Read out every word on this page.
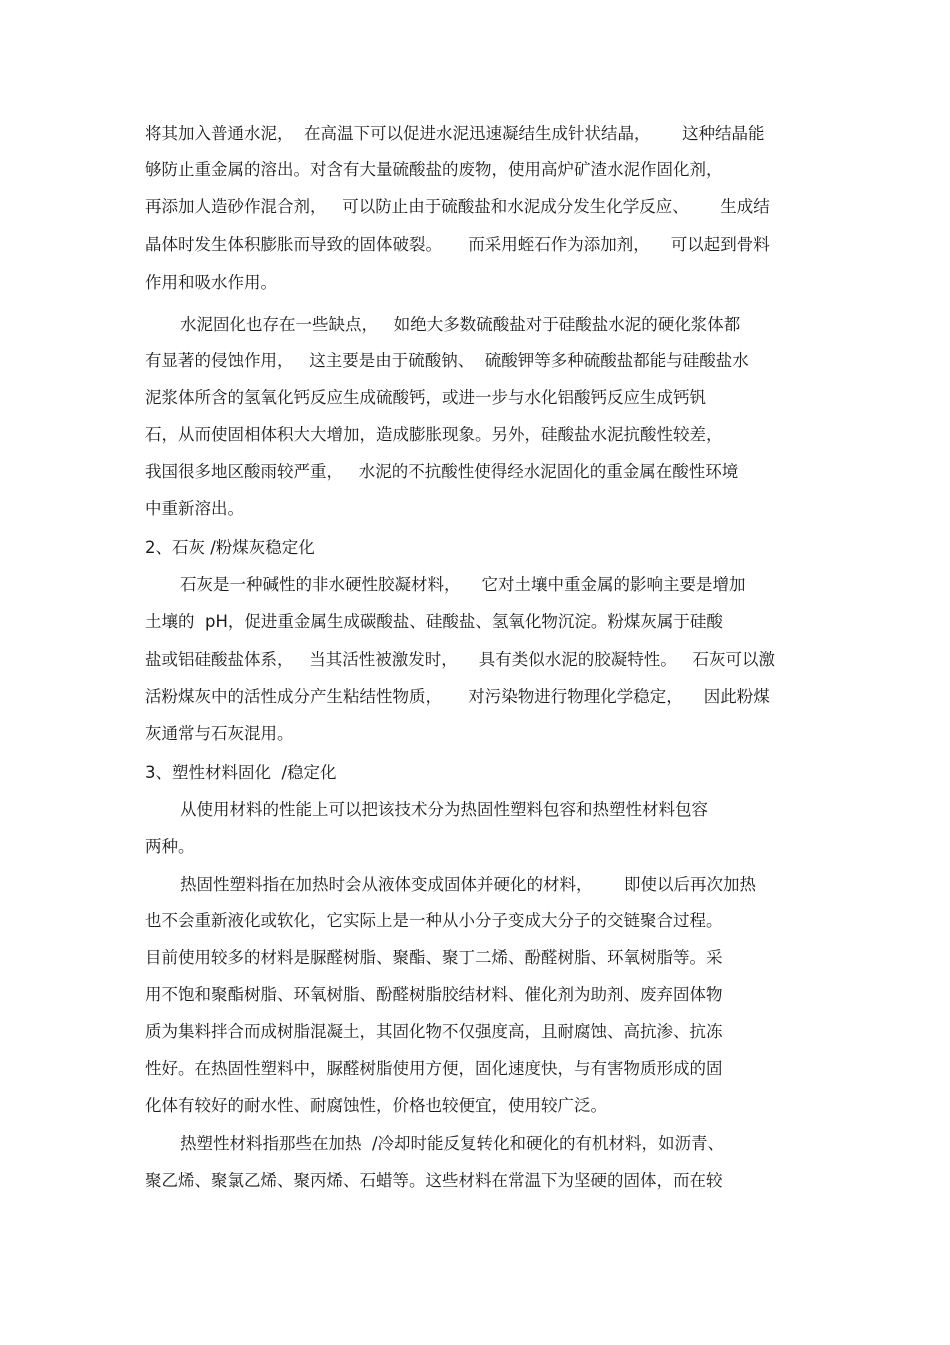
将其加入普通水泥，  在高温下可以促进水泥迅速凝结生成针状结晶，      这种结晶能
够防止重金属的溶出。对含有大量硫酸盐的废物，使用高炉矿渣水泥作固化剂，
再添加人造砂作混合剂，   可以防止由于硫酸盐和水泥成分发生化学反应、      生成结
晶体时发生体积膨胀而导致的固体破裂。     而采用蛭石作为添加剂，    可以起到骨料
作用和吸水作用。
水泥固化也存在一些缺点，   如绝大多数硫酸盐对于硅酸盐水泥的硬化浆体都
有显著的侵蚀作用，   这主要是由于硫酸钠、  硫酸钾等多种硫酸盐都能与硅酸盐水
泥浆体所含的氢氧化钙反应生成硫酸钙，或进一步与水化铝酸钙反应生成钙钒
石，从而使固相体积大大增加，造成膨胀现象。另外，硅酸盐水泥抗酸性较差，
我国很多地区酸雨较严重，   水泥的不抗酸性使得经水泥固化的重金属在酸性环境
中重新溶出。
2、石灰 /粉煤灰稳定化
石灰是一种碱性的非水硬性胶凝材料，    它对土壤中重金属的影响主要是增加
土壤的  pH，促进重金属生成碳酸盐、硅酸盐、氢氧化物沉淀。粉煤灰属于硅酸
盐或铝硅酸盐体系，   当其活性被激发时，    具有类似水泥的胶凝特性。   石灰可以激
活粉煤灰中的活性成分产生粘结性物质，     对污染物进行物理化学稳定，    因此粉煤
灰通常与石灰混用。
3、塑性材料固化  /稳定化
从使用材料的性能上可以把该技术分为热固性塑料包容和热塑性材料包容
两种。
热固性塑料指在加热时会从液体变成固体并硬化的材料，      即使以后再次加热
也不会重新液化或软化，它实际上是一种从小分子变成大分子的交链聚合过程。
目前使用较多的材料是脲醛树脂、聚酯、聚丁二烯、酚醛树脂、环氧树脂等。采
用不饱和聚酯树脂、环氧树脂、酚醛树脂胶结材料、催化剂为助剂、废弃固体物
质为集料拌合而成树脂混凝土，其固化物不仅强度高，且耐腐蚀、高抗渗、抗冻
性好。在热固性塑料中，脲醛树脂使用方便，固化速度快，与有害物质形成的固
化体有较好的耐水性、耐腐蚀性，价格也较便宜，使用较广泛。
热塑性材料指那些在加热  /冷却时能反复转化和硬化的有机材料，如沥青、
聚乙烯、聚氯乙烯、聚丙烯、石蜡等。这些材料在常温下为坚硬的固体，而在较
